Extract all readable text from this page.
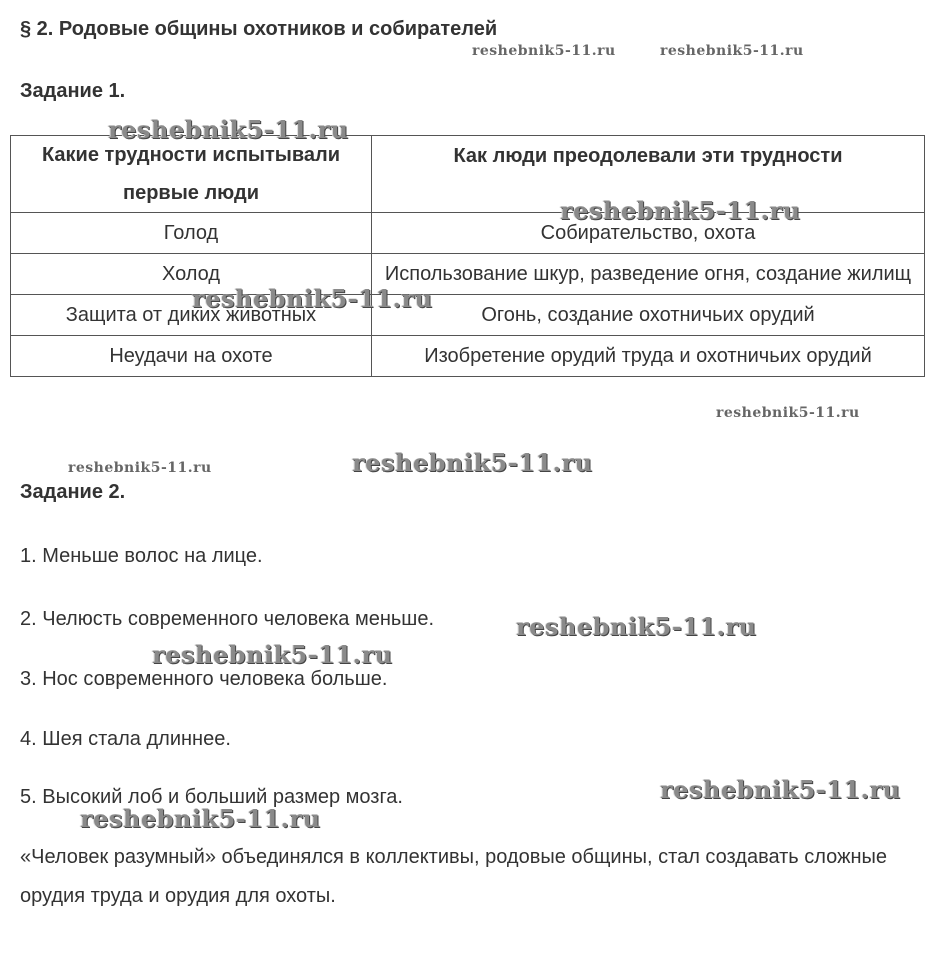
§ 2. Родовые общины охотников и собирателей
Задание 1.
Какие трудности испытывали первые люди	Как люди преодолевали эти трудности
Голод	Собирательство, охота
Холод	Использование шкур, разведение огня, создание жилищ
Защита от диких животных	Огонь, создание охотничьих орудий
Неудачи на охоте	Изобретение орудий труда и охотничьих орудий
Задание 2.
1. Меньше волос на лице.
2. Челюсть современного человека меньше.
3. Нос современного человека больше.
4. Шея стала длиннее.
5. Высокий лоб и больший размер мозга.
«Человек разумный» объединялся в коллективы, родовые общины, стал создавать сложные орудия труда и орудия для охоты.
reshebnik5-11.ru	reshebnik5-11.ru
reshebnik5-11.ru
reshebnik5-11.ru
reshebnik5-11.ru
reshebnik5-11.ru
reshebnik5-11.ru	reshebnik5-11.ru
reshebnik5-11.ru
reshebnik5-11.ru
reshebnik5-11.ru
reshebnik5-11.ru
